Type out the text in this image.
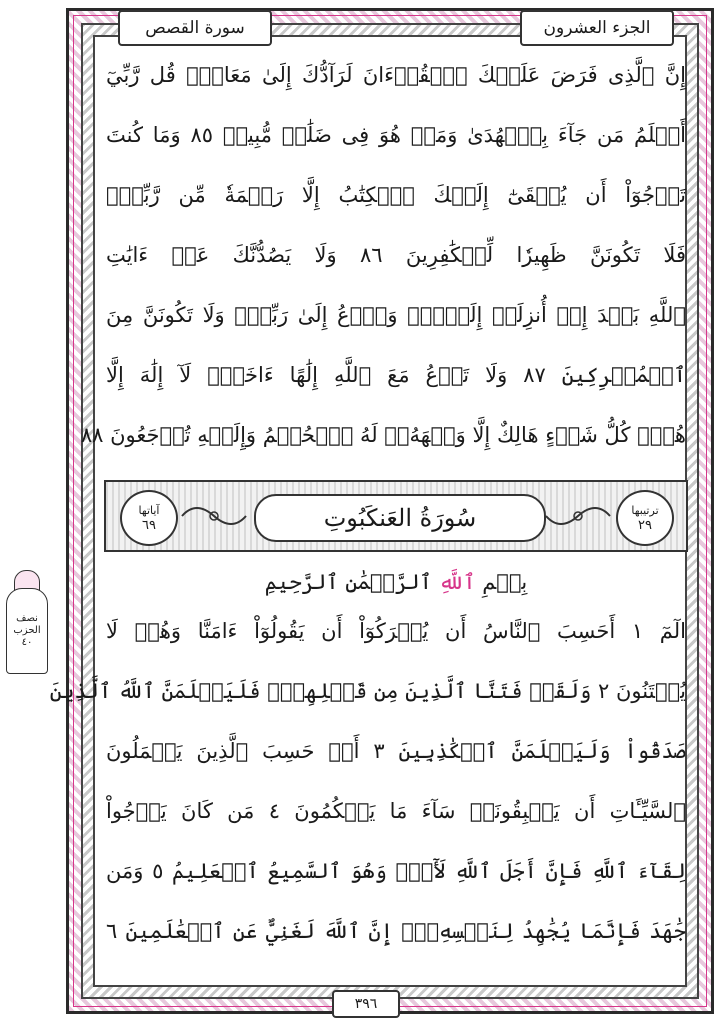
الجزء العشرون
سورة القصص
إِنَّ ٱلَّذِى فَرَضَ عَلَيۡكَ ٱلۡقُرۡءَانَ لَرَآدُّكَ إِلَىٰ مَعَادٖۚ قُل رَّبِّيٓ
أَعۡلَمُ مَن جَآءَ بِٱلۡهُدَىٰ وَمَنۡ هُوَ فِى ضَلَٰلٖ مُّبِينٖ ٨٥ وَمَا كُنتَ
تَرۡجُوٓاْ أَن يُلۡقَىٰٓ إِلَيۡكَ ٱلۡكِتَٰبُ إِلَّا رَحۡمَةٗ مِّن رَّبِّكَۖ
فَلَا تَكُونَنَّ ظَهِيرٗا لِّلۡكَٰفِرِينَ ٨٦ وَلَا يَصُدُّنَّكَ عَنۡ ءَايَٰتِ
ٱللَّهِ بَعۡدَ إِذۡ أُنزِلَتۡ إِلَيۡكَۖ وَٱدۡعُ إِلَىٰ رَبِّكَۖ وَلَا تَكُونَنَّ مِنَ
ٱلۡمُشۡرِكِينَ ٨٧ وَلَا تَدۡعُ مَعَ ٱللَّهِ إِلَٰهًا ءَاخَرَۘ لَآ إِلَٰهَ إِلَّا
هُوَۚ كُلُّ شَيۡءٍ هَالِكٌ إِلَّا وَجۡهَهُۥۚ لَهُ ٱلۡحُكۡمُ وَإِلَيۡهِ تُرۡجَعُونَ ٨٨
ترتيبها
٢٩
سُورَةُ العَنكَبُوتِ
آياتها
٦٩
بِسۡمِ

ٱللَّهِ

ٱلرَّحۡمَٰنِ ٱلرَّحِيمِ
الٓمٓ ١ أَحَسِبَ ٱلنَّاسُ أَن يُتۡرَكُوٓاْ أَن يَقُولُوٓاْ ءَامَنَّا وَهُمۡ لَا
يُفۡتَنُونَ ٢ وَلَقَدۡ فَتَنَّا ٱلَّذِينَ مِن قَبۡلِهِمۡۖ فَلَيَعۡلَمَنَّ ٱللَّهُ ٱلَّذِينَ
صَدَقُواْ وَلَيَعۡلَمَنَّ ٱلۡكَٰذِبِينَ ٣ أَمۡ حَسِبَ ٱلَّذِينَ يَعۡمَلُونَ
ٱلسَّيِّـَٔاتِ أَن يَسۡبِقُونَاۚ سَآءَ مَا يَحۡكُمُونَ ٤ مَن كَانَ يَرۡجُواْ
لِقَآءَ ٱللَّهِ فَإِنَّ أَجَلَ ٱللَّهِ لَأٓتٖۚ وَهُوَ ٱلسَّمِيعُ ٱلۡعَلِيمُ ٥ وَمَن
جَٰهَدَ فَإِنَّمَا يُجَٰهِدُ لِنَفۡسِهِۦٓۚ إِنَّ ٱللَّهَ لَغَنِيٌّ عَنِ ٱلۡعَٰلَمِينَ ٦
نصف
الحزب
٤٠
٣٩٦
